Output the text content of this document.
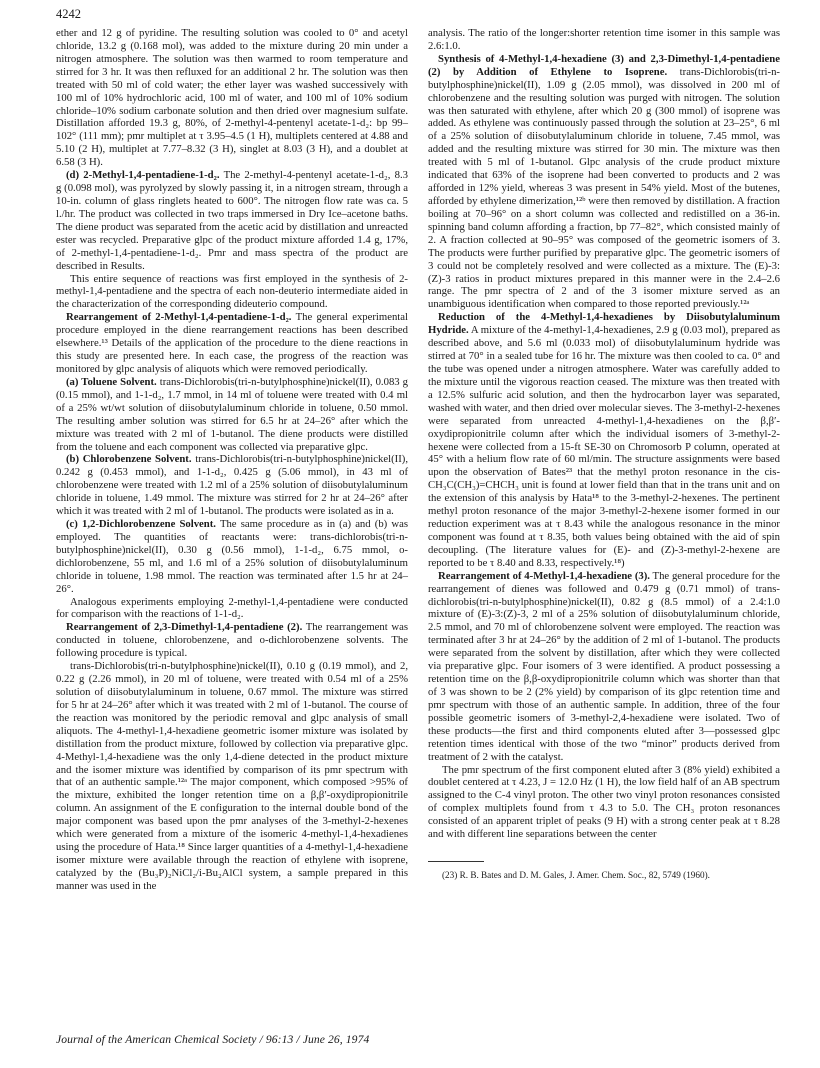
4242

ether and 12 g of pyridine. The resulting solution was cooled to 0° and acetyl chloride, 13.2 g (0.168 mol), was added to the mixture during 20 min under a nitrogen atmosphere. The solution was then warmed to room temperature and stirred for 3 hr. It was then refluxed for an additional 2 hr. The solution was then treated with 50 ml of cold water; the ether layer was washed successively with 100 ml of 10% hydrochloric acid, 100 ml of water, and 100 ml of 10% sodium chloride–10% sodium carbonate solution and then dried over magnesium sulfate. Distillation afforded 19.3 g, 80%, of 2-methyl-4-pentenyl acetate-1-d₂: bp 99–102° (111 mm); pmr multiplet at τ 3.95–4.5 (1 H), multiplets centered at 4.88 and 5.10 (2 H), multiplet at 7.77–8.32 (3 H), singlet at 8.03 (3 H), and a doublet at 6.58 (3 H).

(d) 2-Methyl-1,4-pentadiene-1-d₂. The 2-methyl-4-pentenyl acetate-1-d₂, 8.3 g (0.098 mol), was pyrolyzed by slowly passing it, in a nitrogen stream, through a 10-in. column of glass ringlets heated to 600°. The nitrogen flow rate was ca. 5 l./hr. The product was collected in two traps immersed in Dry Ice–acetone baths. The diene product was separated from the acetic acid by distillation and unreacted ester was recycled. Preparative glpc of the product mixture afforded 1.4 g, 17%, of 2-methyl-1,4-pentadiene-1-d₂. Pmr and mass spectra of the product are described in Results.

This entire sequence of reactions was first employed in the synthesis of 2-methyl-1,4-pentadiene and the spectra of each non-deuterio intermediate aided in the characterization of the corresponding dideuterio compound.

Rearrangement of 2-Methyl-1,4-pentadiene-1-d₂. The general experimental procedure employed in the diene rearrangement reactions has been described elsewhere.¹³ Details of the application of the procedure to the diene reactions in this study are presented here. In each case, the progress of the reaction was monitored by glpc analysis of aliquots which were removed periodically.

(a) Toluene Solvent. trans-Dichlorobis(tri-n-butylphosphine)nickel(II), 0.083 g (0.15 mmol), and 1-1-d₂, 1.7 mmol, in 14 ml of toluene were treated with 0.4 ml of a 25% wt/wt solution of diisobutylaluminum chloride in toluene, 0.50 mmol. The resulting amber solution was stirred for 6.5 hr at 24–26° after which the mixture was treated with 2 ml of 1-butanol. The diene products were distilled from the toluene and each component was collected via preparative glpc.

(b) Chlorobenzene Solvent. trans-Dichlorobis(tri-n-butylphosphine)nickel(II), 0.242 g (0.453 mmol), and 1-1-d₂, 0.425 g (5.06 mmol), in 43 ml of chlorobenzene were treated with 1.2 ml of a 25% solution of diisobutylaluminum chloride in toluene, 1.49 mmol. The mixture was stirred for 2 hr at 24–26° after which it was treated with 2 ml of 1-butanol. The products were isolated as in a.

(c) 1,2-Dichlorobenzene Solvent. The same procedure as in (a) and (b) was employed. The quantities of reactants were: trans-dichlorobis(tri-n-butylphosphine)nickel(II), 0.30 g (0.56 mmol), 1-1-d₂, 6.75 mmol, o-dichlorobenzene, 55 ml, and 1.6 ml of a 25% solution of diisobutylaluminum chloride in toluene, 1.98 mmol. The reaction was terminated after 1.5 hr at 24–26°.

Analogous experiments employing 2-methyl-1,4-pentadiene were conducted for comparison with the reactions of 1-1-d₂.

Rearrangement of 2,3-Dimethyl-1,4-pentadiene (2). The rearrangement was conducted in toluene, chlorobenzene, and o-dichlorobenzene solvents. The following procedure is typical.

trans-Dichlorobis(tri-n-butylphosphine)nickel(II), 0.10 g (0.19 mmol), and 2, 0.22 g (2.26 mmol), in 20 ml of toluene, were treated with 0.54 ml of a 25% solution of diisobutylaluminum in toluene, 0.67 mmol. The mixture was stirred for 5 hr at 24–26° after which it was treated with 2 ml of 1-butanol. The course of the reaction was monitored by the periodic removal and glpc analysis of small aliquots. The 4-methyl-1,4-hexadiene geometric isomer mixture was isolated by distillation from the product mixture, followed by collection via preparative glpc. 4-Methyl-1,4-hexadiene was the only 1,4-diene detected in the product mixture and the isomer mixture was identified by comparison of its pmr spectrum with that of an authentic sample.¹²ᵃ The major component, which composed >95% of the mixture, exhibited the longer retention time on a β,β′-oxydipropionitrile column. An assignment of the E configuration to the internal double bond of the major component was based upon the pmr analyses of the 3-methyl-2-hexenes which were generated from a mixture of the isomeric 4-methyl-1,4-hexadienes using the procedure of Hata.¹⁸ Since larger quantities of a 4-methyl-1,4-hexadiene isomer mixture were available through the reaction of ethylene with isoprene, catalyzed by the (Bu₃P)₂NiCl₂/i-Bu₂AlCl system, a sample prepared in this manner was used in the

analysis. The ratio of the longer:shorter retention time isomer in this sample was 2.6:1.0.

Synthesis of 4-Methyl-1,4-hexadiene (3) and 2,3-Dimethyl-1,4-pentadiene (2) by Addition of Ethylene to Isoprene. trans-Dichlorobis(tri-n-butylphosphine)nickel(II), 1.09 g (2.05 mmol), was dissolved in 200 ml of chlorobenzene and the resulting solution was purged with nitrogen. The solution was then saturated with ethylene, after which 20 g (300 mmol) of isoprene was added. As ethylene was continuously passed through the solution at 23–25°, 6 ml of a 25% solution of diisobutylaluminum chloride in toluene, 7.45 mmol, was added and the resulting mixture was stirred for 30 min. The mixture was then treated with 5 ml of 1-butanol. Glpc analysis of the crude product mixture indicated that 63% of the isoprene had been converted to products and 2 was afforded in 12% yield, whereas 3 was present in 54% yield. Most of the butenes, afforded by ethylene dimerization,¹²ᵇ were then removed by distillation. A fraction boiling at 70–96° on a short column was collected and redistilled on a 36-in. spinning band column affording a fraction, bp 77–82°, which consisted mainly of 2. A fraction collected at 90–95° was composed of the geometric isomers of 3. The products were further purified by preparative glpc. The geometric isomers of 3 could not be completely resolved and were collected as a mixture. The (E)-3:(Z)-3 ratios in product mixtures prepared in this manner were in the 2.4–2.6 range. The pmr spectra of 2 and of the 3 isomer mixture served as an unambiguous identification when compared to those reported previously.¹²ᵃ

Reduction of the 4-Methyl-1,4-hexadienes by Diisobutylaluminum Hydride. A mixture of the 4-methyl-1,4-hexadienes, 2.9 g (0.03 mol), prepared as described above, and 5.6 ml (0.033 mol) of diisobutylaluminum hydride was stirred at 70° in a sealed tube for 16 hr. The mixture was then cooled to ca. 0° and the tube was opened under a nitrogen atmosphere. Water was carefully added to the mixture until the vigorous reaction ceased. The mixture was then treated with a 12.5% sulfuric acid solution, and then the hydrocarbon layer was separated, washed with water, and then dried over molecular sieves. The 3-methyl-2-hexenes were separated from unreacted 4-methyl-1,4-hexadienes on the β,β′-oxydipropionitrile column after which the individual isomers of 3-methyl-2-hexene were collected from a 15-ft SE-30 on Chromosorb P column, operated at 45° with a helium flow rate of 60 ml/min. The structure assignments were based upon the observation of Bates²³ that the methyl proton resonance in the cis-CH₃C(CH₃)=CHCH₃ unit is found at lower field than that in the trans unit and on the extension of this analysis by Hata¹⁸ to the 3-methyl-2-hexenes. The pertinent methyl proton resonance of the major 3-methyl-2-hexene isomer formed in our reduction experiment was at τ 8.43 while the analogous resonance in the minor component was found at τ 8.35, both values being obtained with the aid of spin decoupling. (The literature values for (E)- and (Z)-3-methyl-2-hexene are reported to be τ 8.40 and 8.33, respectively.¹⁸)

Rearrangement of 4-Methyl-1,4-hexadiene (3). The general procedure for the rearrangement of dienes was followed and 0.479 g (0.71 mmol) of trans-dichlorobis(tri-n-butylphosphine)nickel(II), 0.82 g (8.5 mmol) of a 2.4:1.0 mixture of (E)-3:(Z)-3, 2 ml of a 25% solution of diisobutylaluminum chloride, 2.5 mmol, and 70 ml of chlorobenzene solvent were employed. The reaction was terminated after 3 hr at 24–26° by the addition of 2 ml of 1-butanol. The products were separated from the solvent by distillation, after which they were collected via preparative glpc. Four isomers of 3 were identified. A product possessing a retention time on the β,β-oxydipropionitrile column which was shorter than that of 3 was shown to be 2 (2% yield) by comparison of its glpc retention time and pmr spectrum with those of an authentic sample. In addition, three of the four possible geometric isomers of 3-methyl-2,4-hexadiene were isolated. Two of these products—the first and third components eluted after 3—possessed glpc retention times identical with those of the two “minor” products derived from treatment of 2 with the catalyst.

The pmr spectrum of the first component eluted after 3 (8% yield) exhibited a doublet centered at τ 4.23, J = 12.0 Hz (1 H), the low field half of an AB spectrum assigned to the C-4 vinyl proton. The other two vinyl proton resonances consisted of complex multiplets found from τ 4.3 to 5.0. The CH₃ proton resonances consisted of an apparent triplet of peaks (9 H) with a strong center peak at τ 8.28 and with different line separations between the center

(23) R. B. Bates and D. M. Gales, J. Amer. Chem. Soc., 82, 5749 (1960).

Journal of the American Chemical Society / 96:13 / June 26, 1974
